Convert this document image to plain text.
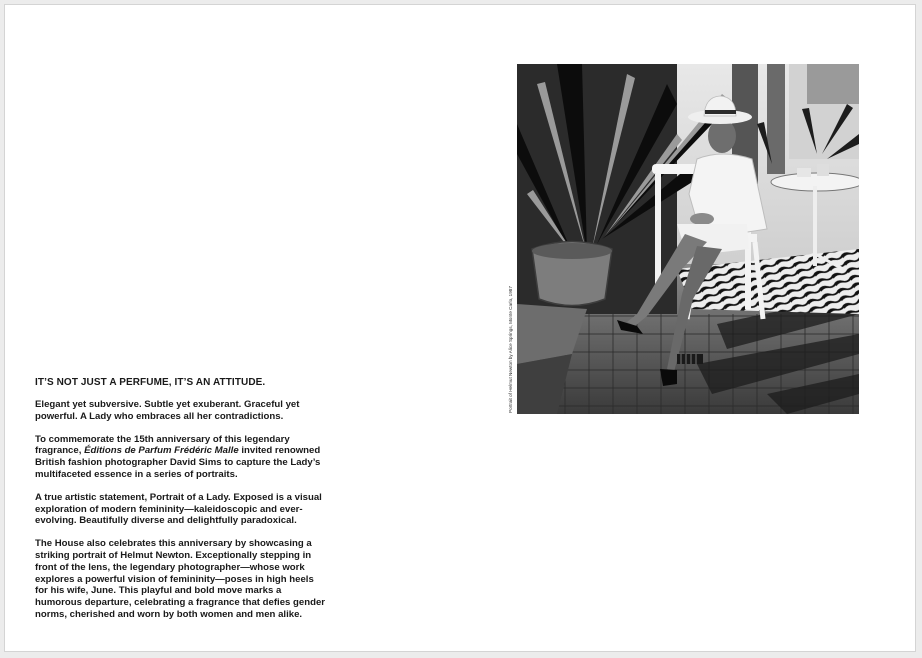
IT’S NOT JUST A PERFUME, IT’S AN ATTITUDE.

Elegant yet subversive. Subtle yet exuberant. Graceful yet powerful. A Lady who embraces all her contradictions.

To commemorate the 15th anniversary of this legendary fragrance, Éditions de Parfum Frédéric Malle invited renowned British fashion photographer David Sims to capture the Lady’s multifaceted essence in a series of portraits.

A true artistic statement, Portrait of a Lady. Exposed is a visual exploration of modern femininity—kaleidoscopic and ever-evolving. Beautifully diverse and delightfully paradoxical.

The House also celebrates this anniversary by showcasing a striking portrait of Helmut Newton. Exceptionally stepping in front of the lens, the legendary photographer—whose work explores a powerful vision of femininity—poses in high heels for his wife, June. This playful and bold move marks a humorous departure, celebrating a fragrance that defies gender norms, cherished and worn by both women and men alike.

Portrait of Helmut Newton by Alice Springs, Monte Carlo, 1987
